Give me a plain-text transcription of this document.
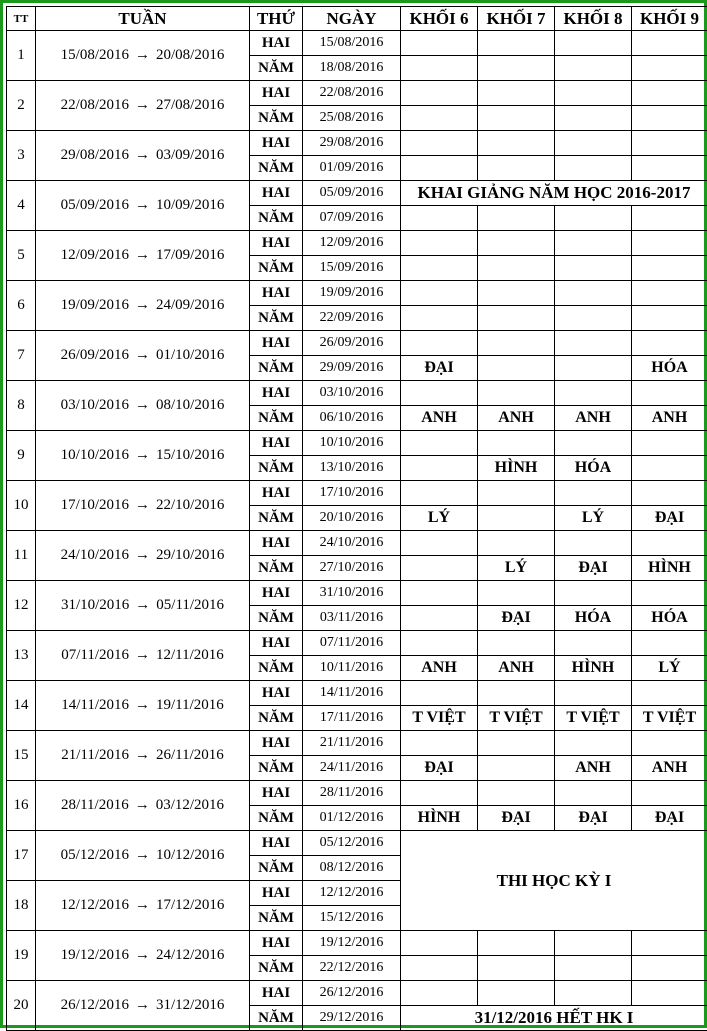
TT	TUẦN	THỨ	NGÀY	KHỐI 6	KHỐI 7	KHỐI 8	KHỐI 9
1	15/08/2016 → 20/08/2016	HAI	15/08/2016				
		NĂM	18/08/2016				
2	22/08/2016 → 27/08/2016	HAI	22/08/2016				
		NĂM	25/08/2016				
3	29/08/2016 → 03/09/2016	HAI	29/08/2016				
		NĂM	01/09/2016				
4	05/09/2016 → 10/09/2016	HAI	05/09/2016	KHAI GIẢNG NĂM HỌC 2016-2017			
		NĂM	07/09/2016				
5	12/09/2016 → 17/09/2016	HAI	12/09/2016				
		NĂM	15/09/2016				
6	19/09/2016 → 24/09/2016	HAI	19/09/2016				
		NĂM	22/09/2016				
7	26/09/2016 → 01/10/2016	HAI	26/09/2016				
		NĂM	29/09/2016	ĐẠI			HÓA
8	03/10/2016 → 08/10/2016	HAI	03/10/2016				
		NĂM	06/10/2016	ANH	ANH	ANH	ANH
9	10/10/2016 → 15/10/2016	HAI	10/10/2016				
		NĂM	13/10/2016		HÌNH	HÓA	
10	17/10/2016 → 22/10/2016	HAI	17/10/2016				
		NĂM	20/10/2016	LÝ		LÝ	ĐẠI
11	24/10/2016 → 29/10/2016	HAI	24/10/2016				
		NĂM	27/10/2016		LÝ	ĐẠI	HÌNH
12	31/10/2016 → 05/11/2016	HAI	31/10/2016				
		NĂM	03/11/2016		ĐẠI	HÓA	HÓA
13	07/11/2016 → 12/11/2016	HAI	07/11/2016				
		NĂM	10/11/2016	ANH	ANH	HÌNH	LÝ
14	14/11/2016 → 19/11/2016	HAI	14/11/2016				
		NĂM	17/11/2016	T VIỆT	T VIỆT	T VIỆT	T VIỆT
15	21/11/2016 → 26/11/2016	HAI	21/11/2016				
		NĂM	24/11/2016	ĐẠI		ANH	ANH
16	28/11/2016 → 03/12/2016	HAI	28/11/2016				
		NĂM	01/12/2016	HÌNH	ĐẠI	ĐẠI	ĐẠI
17	05/12/2016 → 10/12/2016	HAI	05/12/2016	THI HỌC KỲ I			
		NĂM	08/12/2016				
18	12/12/2016 → 17/12/2016	HAI	12/12/2016				
		NĂM	15/12/2016				
19	19/12/2016 → 24/12/2016	HAI	19/12/2016				
		NĂM	22/12/2016				
20	26/12/2016 → 31/12/2016	HAI	26/12/2016				
		NĂM	29/12/2016	31/12/2016 HẾT HK I			
